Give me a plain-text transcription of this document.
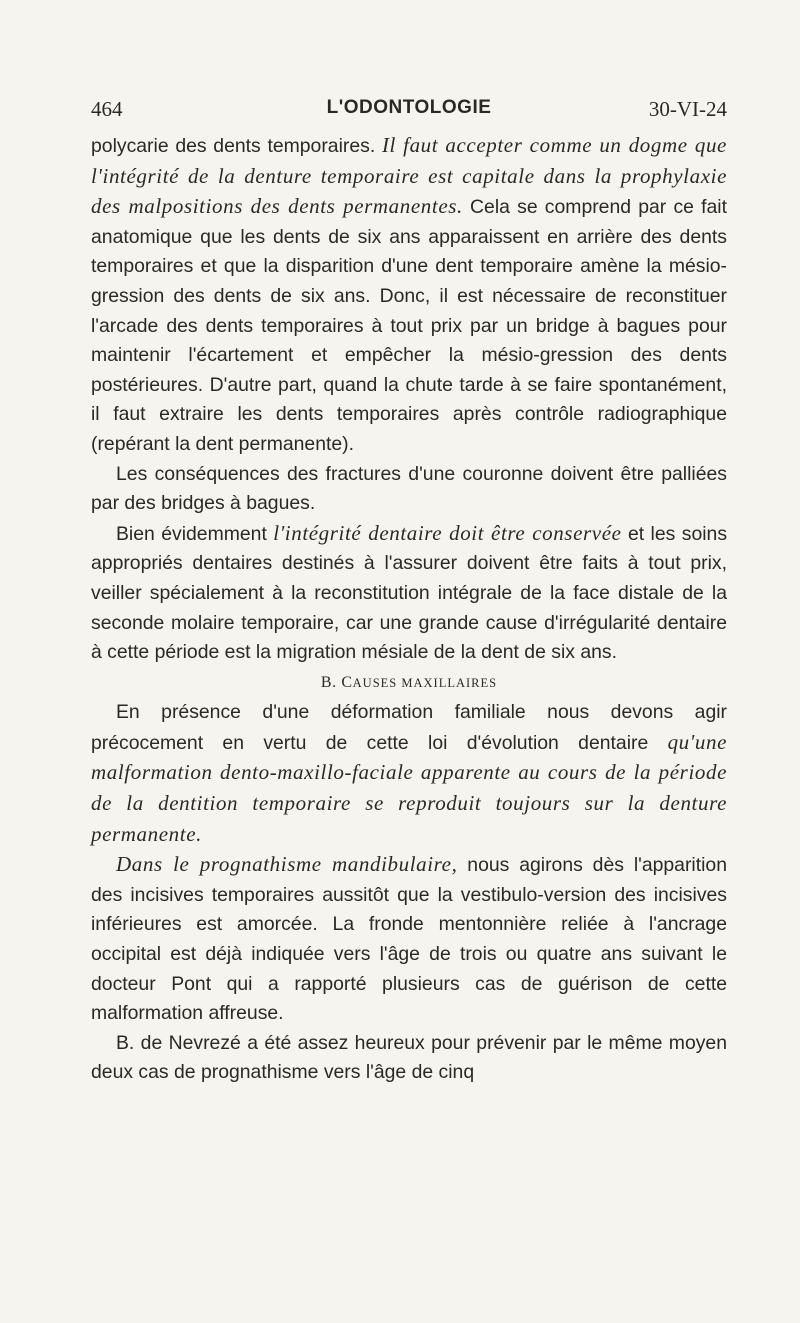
464	L'ODONTOLOGIE	30-VI-24

polycarie des dents temporaires. Il faut accepter comme un dogme que l'intégrité de la denture temporaire est capitale dans la prophylaxie des malpositions des dents permanentes. Cela se comprend par ce fait anatomique que les dents de six ans apparaissent en arrière des dents temporaires et que la disparition d'une dent temporaire amène la mésio-gression des dents de six ans. Donc, il est nécessaire de reconstituer l'arcade des dents temporaires à tout prix par un bridge à bagues pour maintenir l'écartement et empêcher la mésio-gression des dents postérieures. D'autre part, quand la chute tarde à se faire spontanément, il faut extraire les dents temporaires après contrôle radiographique (repérant la dent permanente).

Les conséquences des fractures d'une couronne doivent être palliées par des bridges à bagues.

Bien évidemment l'intégrité dentaire doit être conservée et les soins appropriés dentaires destinés à l'assurer doivent être faits à tout prix, veiller spécialement à la reconstitution intégrale de la face distale de la seconde molaire temporaire, car une grande cause d'irrégularité dentaire à cette période est la migration mésiale de la dent de six ans.

B. CAUSES MAXILLAIRES

En présence d'une déformation familiale nous devons agir précocement en vertu de cette loi d'évolution dentaire qu'une malformation dento-maxillo-faciale apparente au cours de la période de la dentition temporaire se reproduit toujours sur la denture permanente.

Dans le prognathisme mandibulaire, nous agirons dès l'apparition des incisives temporaires aussitôt que la vestibulo-version des incisives inférieures est amorcée. La fronde mentonnière reliée à l'ancrage occipital est déjà indiquée vers l'âge de trois ou quatre ans suivant le docteur Pont qui a rapporté plusieurs cas de guérison de cette malformation affreuse.

B. de Nevrezé a été assez heureux pour prévenir par le même moyen deux cas de prognathisme vers l'âge de cinq
